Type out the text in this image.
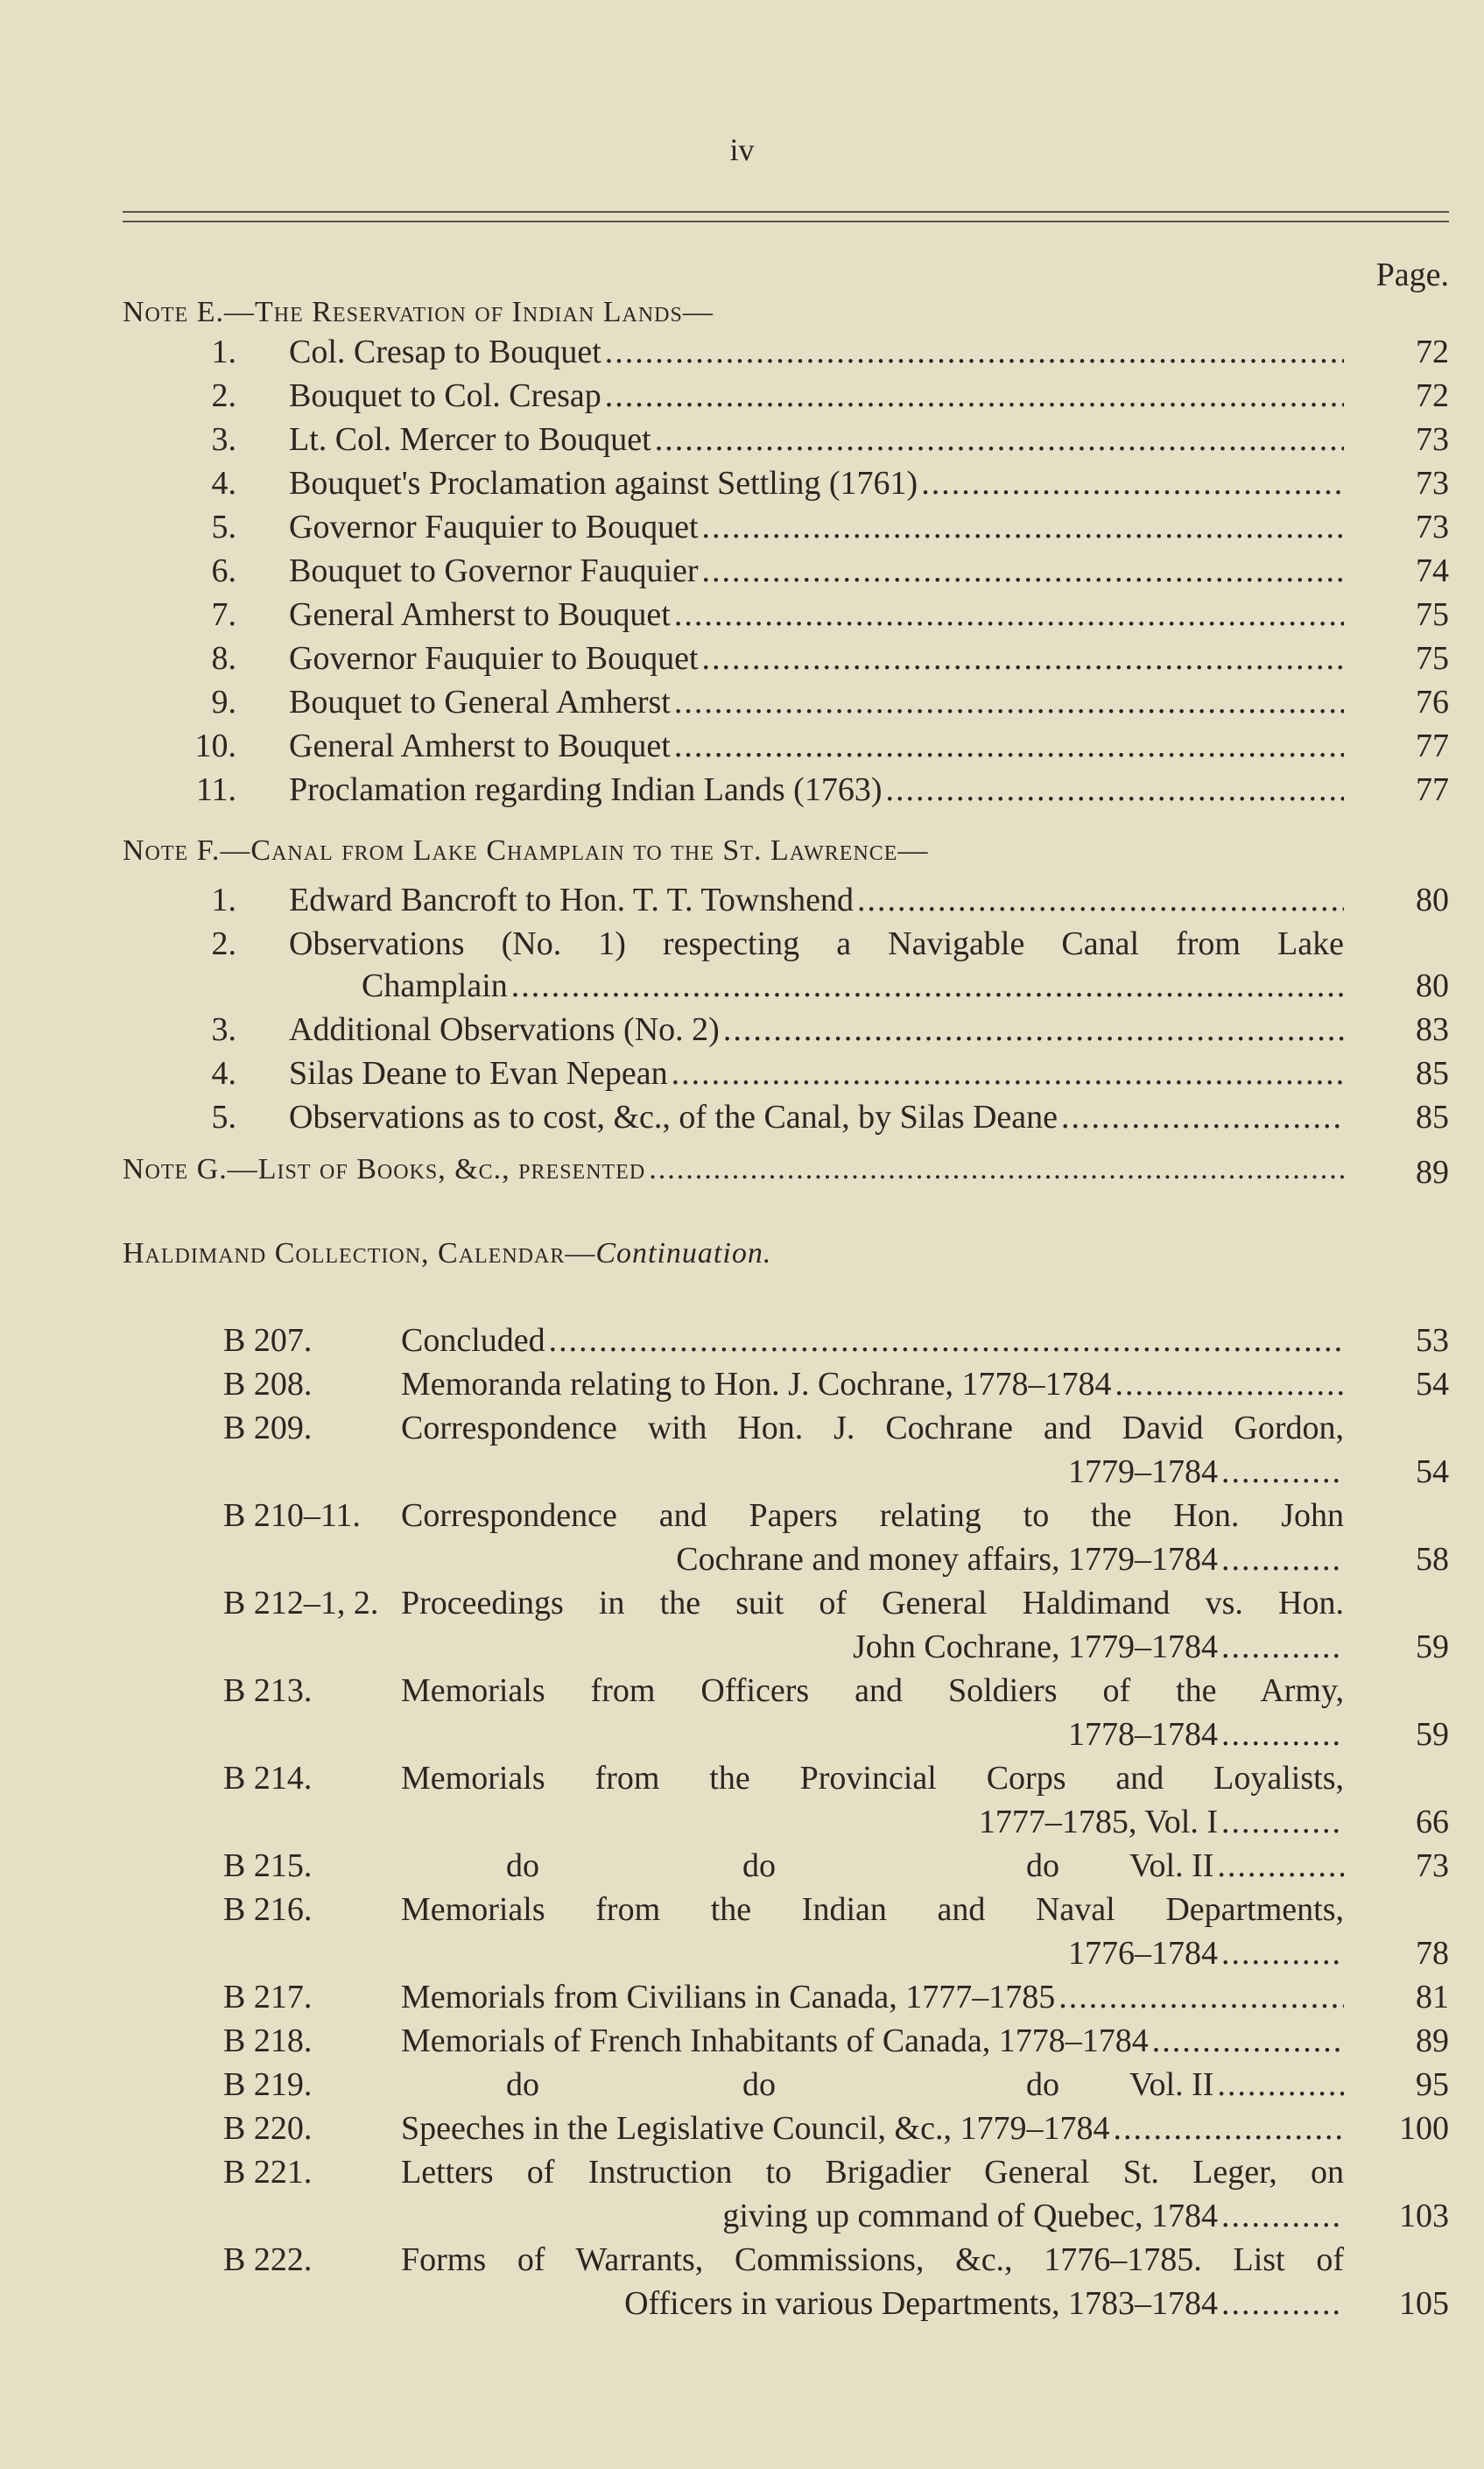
iv
Page.
Note E.—The Reservation of Indian Lands—
1. Col. Cresap to Bouquet .....	72
2. Bouquet to Col. Cresap .....	72
3. Lt. Col. Mercer to Bouquet .....	73
4. Bouquet's Proclamation against Settling (1761) .....	73
5. Governor Fauquier to Bouquet .....	73
6. Bouquet to Governor Fauquier .....	74
7. General Amherst to Bouquet .....	75
8. Governor Fauquier to Bouquet .....	75
9. Bouquet to General Amherst .....	76
10. General Amherst to Bouquet .....	77
11. Proclamation regarding Indian Lands (1763) .....	77
Note F.—Canal from Lake Champlain to the St. Lawrence—
1. Edward Bancroft to Hon. T. T. Townshend .....	80
2. Observations (No. 1) respecting a Navigable Canal from Lake
Champlain .....	80
3. Additional Observations (No. 2) .....	83
4. Silas Deane to Evan Nepean .....	85
5. Observations as to cost, &c., of the Canal, by Silas Deane .....	85
Note G.—List of Books, &c., presented .....	89
Haldimand Collection, Calendar—Continuation.
B 207.	Concluded .....	53
B 208.	Memoranda relating to Hon. J. Cochrane, 1778–1784 .....	54
B 209.	Correspondence with Hon. J. Cochrane and David Gordon,
1779–1784 .....	54
B 210–11. Correspondence and Papers relating to the Hon. John
Cochrane and money affairs, 1779–1784 .....	58
B 212–1, 2. Proceedings in the suit of General Haldimand vs. Hon.
John Cochrane, 1779–1784 .....	59
B 213.	Memorials from Officers and Soldiers of the Army,
1778–1784 .....	59
B 214.	Memorials from the Provincial Corps and Loyalists,
1777–1785, Vol. I .....	66
B 215.	do	do	do Vol. II .....	73
B 216.	Memorials from the Indian and Naval Departments,
1776–1784 .....	78
B 217.	Memorials from Civilians in Canada, 1777–1785 .....	81
B 218.	Memorials of French Inhabitants of Canada, 1778–1784 .....	89
B 219.	do	do	do Vol. II .....	95
B 220.	Speeches in the Legislative Council, &c., 1779–1784 .....	100
B 221.	Letters of Instruction to Brigadier General St. Leger, on
giving up command of Quebec, 1784 .....	103
B 222.	Forms of Warrants, Commissions, &c., 1776–1785. List of
Officers in various Departments, 1783–1784 .....	105
